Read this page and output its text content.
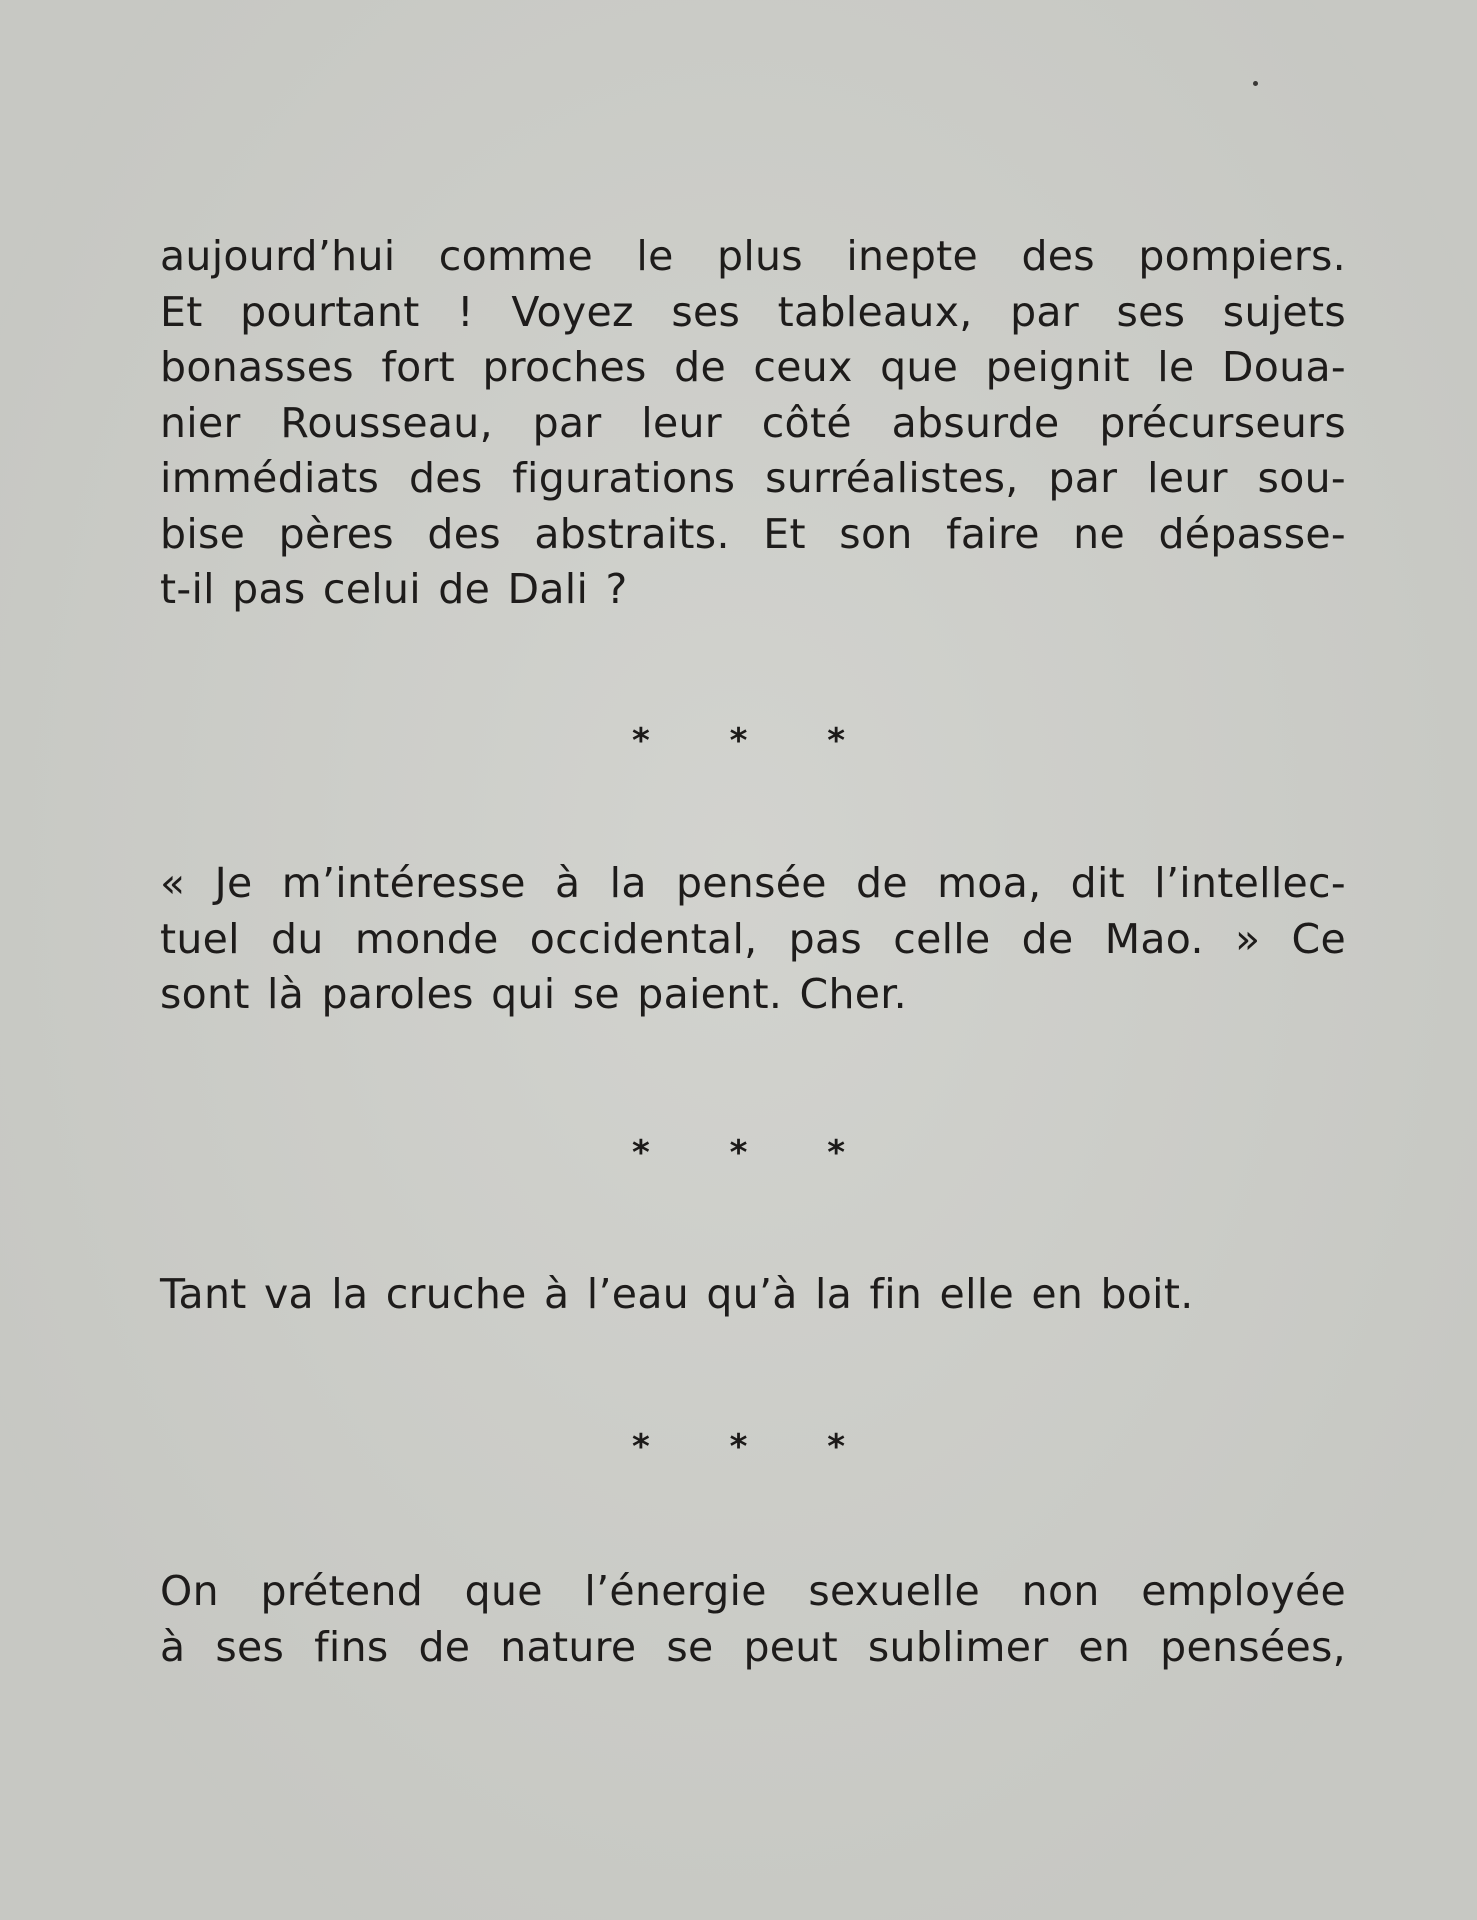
aujourd’hui comme le plus inepte des pompiers.
Et pourtant ! Voyez ses tableaux, par ses sujets
bonasses fort proches de ceux que peignit le Doua-
nier Rousseau, par leur côté absurde précurseurs
immédiats des figurations surréalistes, par leur sou-
bise pères des abstraits. Et son faire ne dépasse-
t-il pas celui de Dali ?

* * *

« Je m’intéresse à la pensée de moa, dit l’intellec-
tuel du monde occidental, pas celle de Mao. » Ce
sont là paroles qui se paient. Cher.

* * *

Tant va la cruche à l’eau qu’à la fin elle en boit.

* * *

On prétend que l’énergie sexuelle non employée
à ses fins de nature se peut sublimer en pensées,
